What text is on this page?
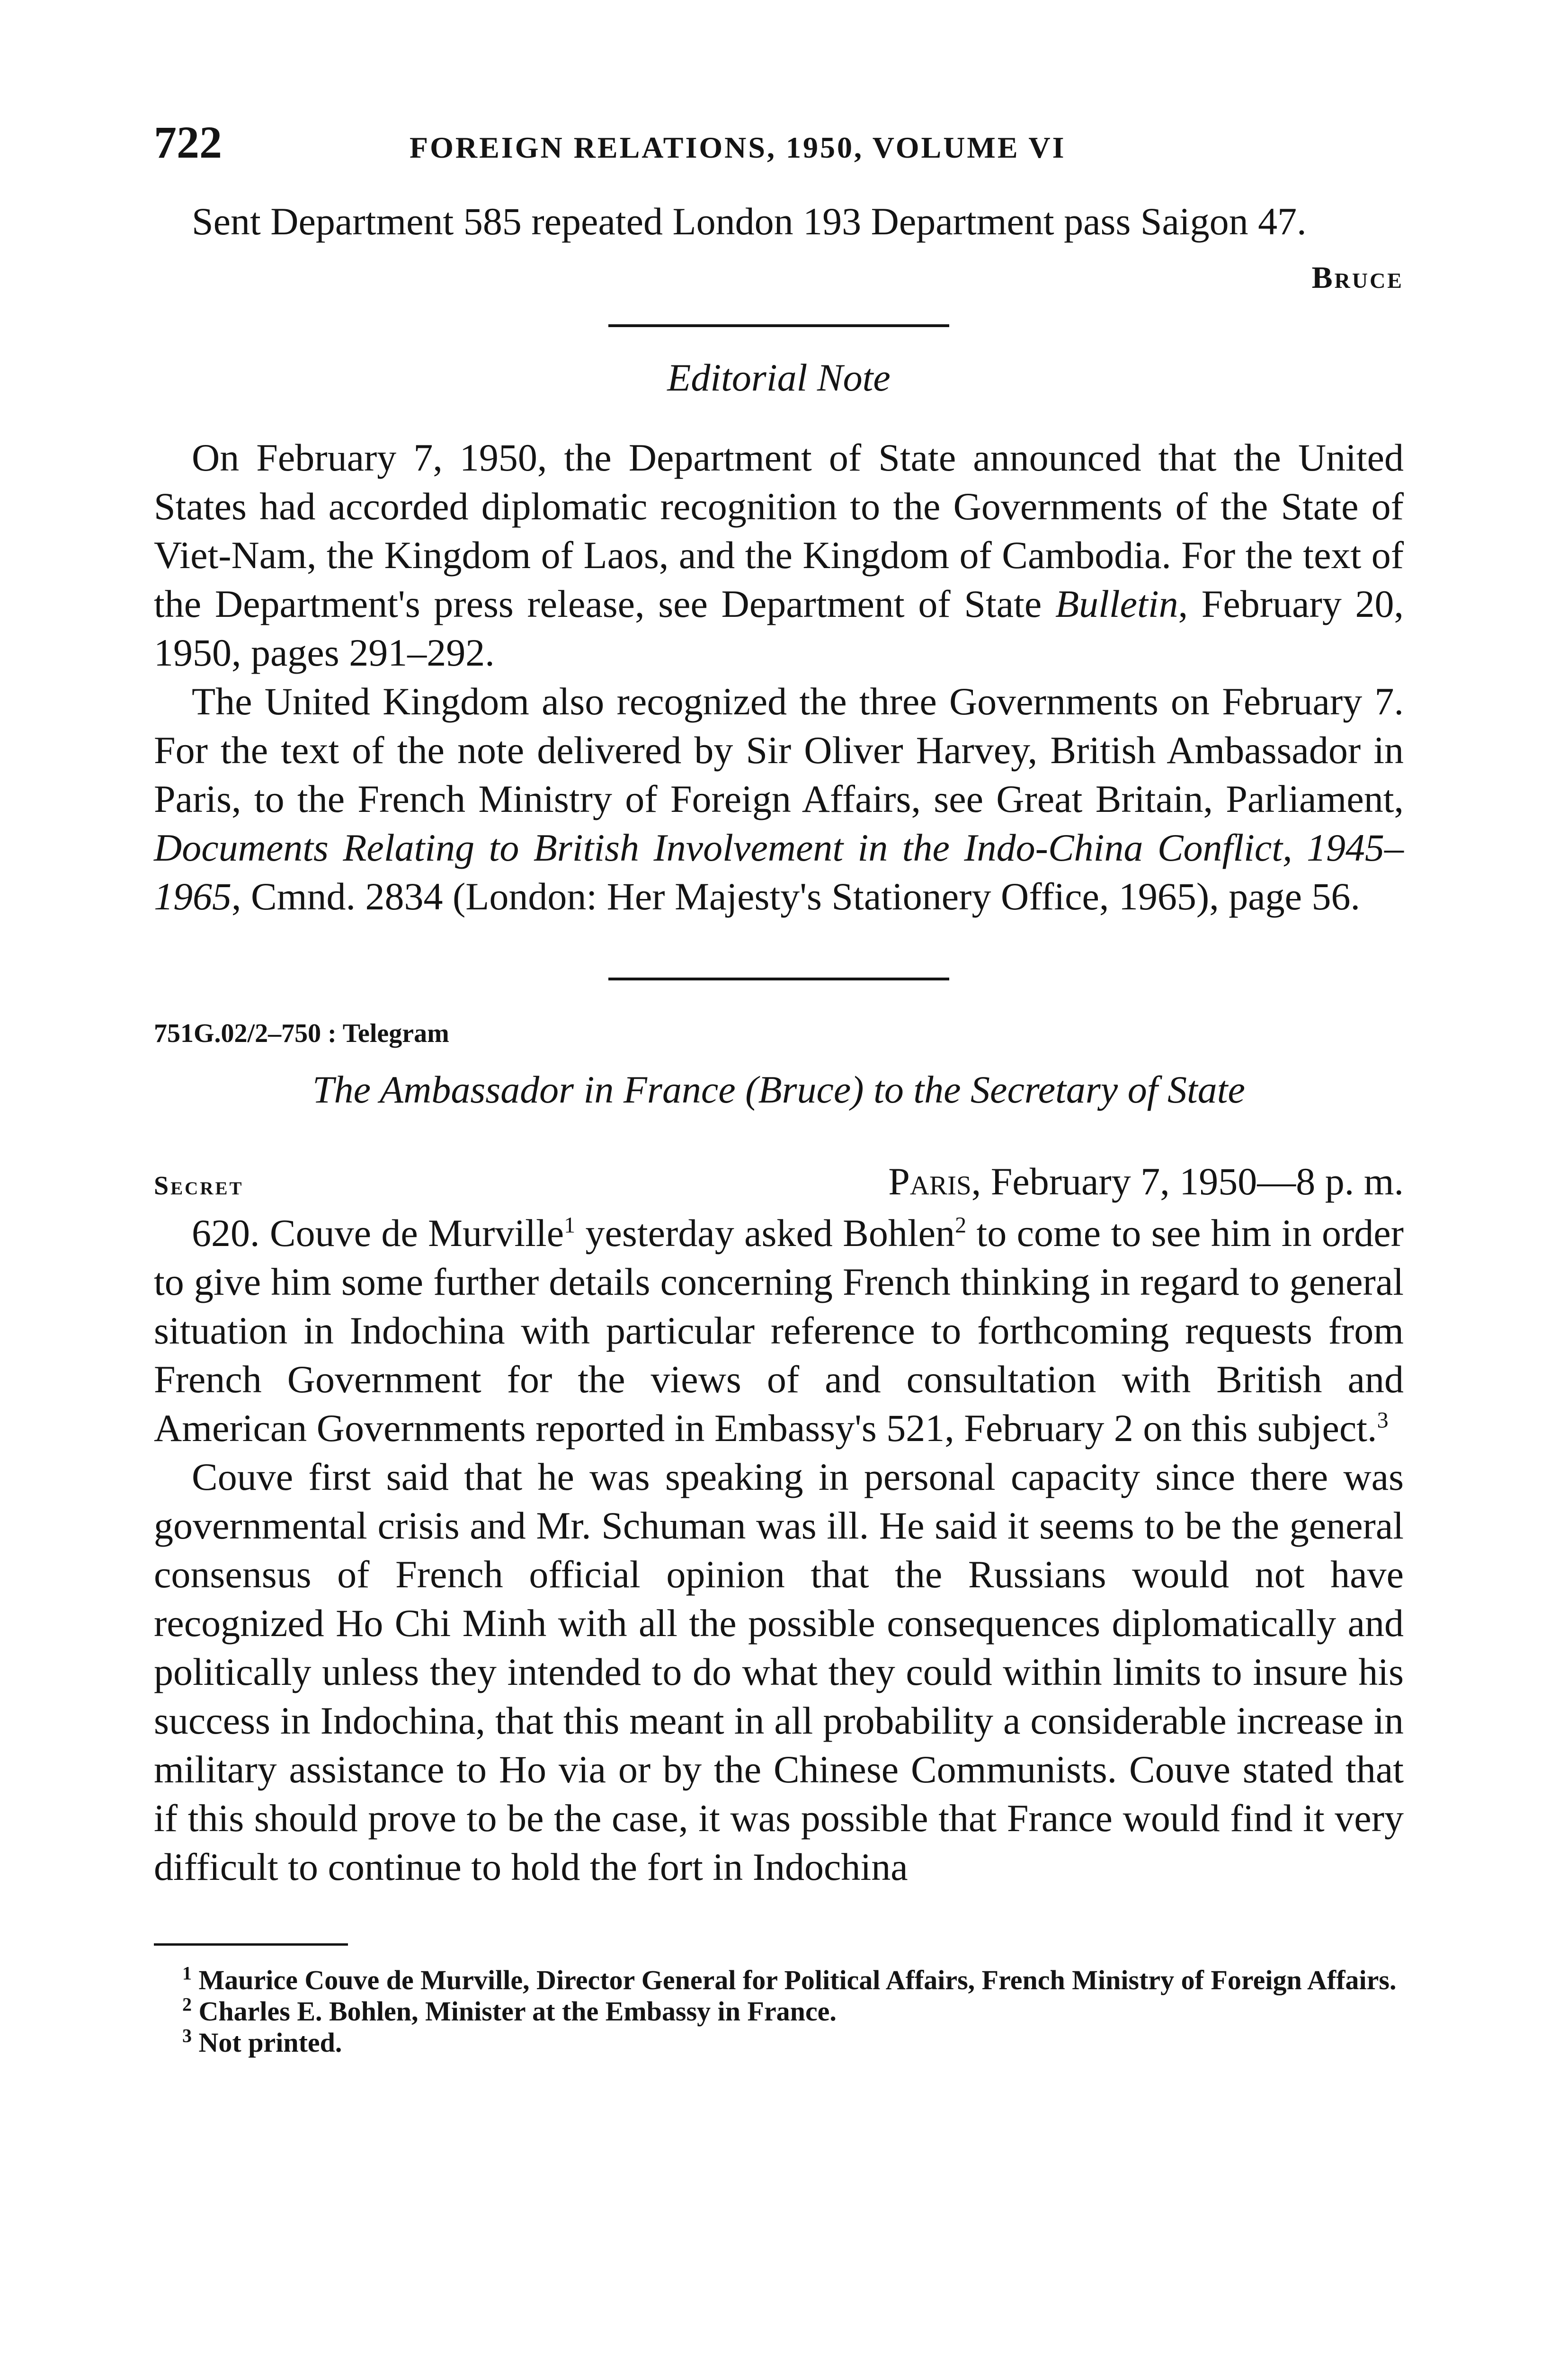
722	FOREIGN RELATIONS, 1950, VOLUME VI

Sent Department 585 repeated London 193 Department pass Saigon 47.

Bruce
Editorial Note

On February 7, 1950, the Department of State announced that the United States had accorded diplomatic recognition to the Governments of the State of Viet-Nam, the Kingdom of Laos, and the Kingdom of Cambodia. For the text of the Department's press release, see Department of State Bulletin, February 20, 1950, pages 291–292.

The United Kingdom also recognized the three Governments on February 7. For the text of the note delivered by Sir Oliver Harvey, British Ambassador in Paris, to the French Ministry of Foreign Affairs, see Great Britain, Parliament, Documents Relating to British Involvement in the Indo-China Conflict, 1945–1965, Cmnd. 2834 (London: Her Majesty's Stationery Office, 1965), page 56.

751G.02/2–750 : Telegram
The Ambassador in France (Bruce) to the Secretary of State
Secret	Paris, February 7, 1950—8 p. m.

620. Couve de Murville$^1$ yesterday asked Bohlen$^2$ to come to see him in order to give him some further details concerning French thinking in regard to general situation in Indochina with particular reference to forthcoming requests from French Government for the views of and consultation with British and American Governments reported in Embassy's 521, February 2 on this subject.$^3$

Couve first said that he was speaking in personal capacity since there was governmental crisis and Mr. Schuman was ill. He said it seems to be the general consensus of French official opinion that the Russians would not have recognized Ho Chi Minh with all the possible consequences diplomatically and politically unless they intended to do what they could within limits to insure his success in Indochina, that this meant in all probability a considerable increase in military assistance to Ho via or by the Chinese Communists. Couve stated that if this should prove to be the case, it was possible that France would find it very difficult to continue to hold the fort in Indochina

$^1$ Maurice Couve de Murville, Director General for Political Affairs, French Ministry of Foreign Affairs.
$^2$ Charles E. Bohlen, Minister at the Embassy in France.
$^3$ Not printed.
